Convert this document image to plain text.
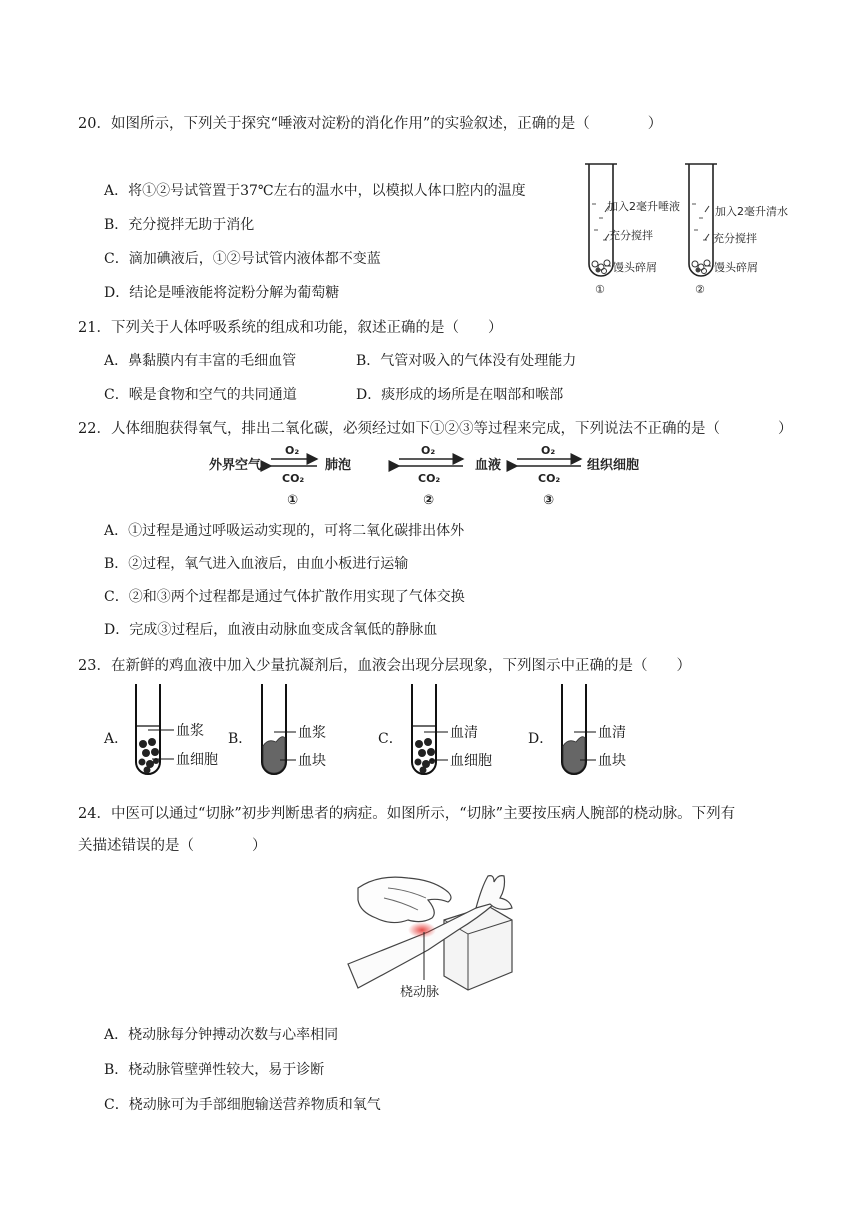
20．如图所示，下列关于探究“唾液对淀粉的消化作用”的实验叙述，正确的是（　　　　）
A．将①②号试管置于37℃左右的温水中，以模拟人体口腔内的温度
B．充分搅拌无助于消化
C．滴加碘液后，①②号试管内液体都不变蓝
D．结论是唾液能将淀粉分解为葡萄糖
加入2毫升唾液
充分搅拌
馒头碎屑
①
加入2毫升清水
充分搅拌
馒头碎屑
②
21．下列关于人体呼吸系统的组成和功能，叙述正确的是（　　）
A．鼻黏膜内有丰富的毛细血管	B．气管对吸入的气体没有处理能力
C．喉是食物和空气的共同通道	D．痰形成的场所是在咽部和喉部
22．人体细胞获得氧气，排出二氧化碳，必须经过如下①②③等过程来完成，下列说法不正确的是（　　　　）
外界空气	肺泡	血液	组织细胞
O₂
CO₂
①
O₂
CO₂
②
O₂
CO₂
③
A．①过程是通过呼吸运动实现的，可将二氧化碳排出体外
B．②过程，氧气进入血液后，由血小板进行运输
C．②和③两个过程都是通过气体扩散作用实现了气体交换
D．完成③过程后，血液由动脉血变成含氧低的静脉血
23．在新鲜的鸡血液中加入少量抗凝剂后，血液会出现分层现象，下列图示中正确的是（　　）
A．	血浆
血细胞
B．	血浆
血块
C．	血清
血细胞
D．	血清
血块
24．中医可以通过“切脉”初步判断患者的病症。如图所示，“切脉”主要按压病人腕部的桡动脉。下列有
关描述错误的是（　　　　）
桡动脉
A．桡动脉每分钟搏动次数与心率相同
B．桡动脉管壁弹性较大，易于诊断
C．桡动脉可为手部细胞输送营养物质和氧气
